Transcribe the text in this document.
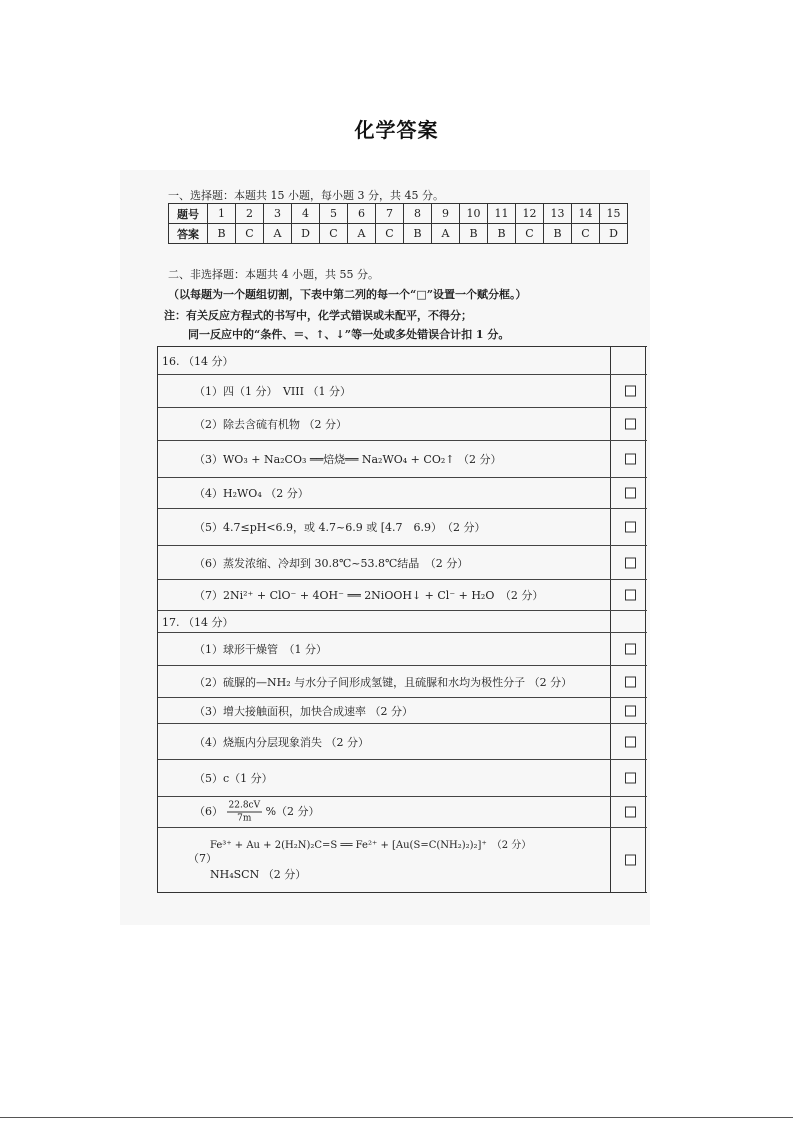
化学答案
一、选择题：本题共 15 小题，每小题 3 分，共 45 分。
题号	1	2	3	4	5	6	7	8	9	10	11	12	13	14	15
答案	B	C	A	D	C	A	C	B	A	B	B	C	B	C	D
二、非选择题：本题共 4 小题，共 55 分。
（以每题为一个题组切割，下表中第二列的每一个“□”设置一个赋分框。）
注：有关反应方程式的书写中，化学式错误或未配平，不得分；
同一反应中的“条件、＝、↑、↓”等一处或多处错误合计扣 1 分。
16. （14 分）
（1）四（1 分）　VIII （1 分）
（2）除去含硫有机物 （2 分）
（3）WO₃ + Na₂CO₃ ══焙烧══ Na₂WO₄ + CO₂↑ （2 分）
（4）H₂WO₄ （2 分）
（5）4.7≤pH<6.9，或 4.7~6.9 或 [4.7　6.9）　（2 分）
（6）蒸发浓缩、冷却到 30.8℃~53.8℃结晶　（2 分）
（7）2Ni²⁺ + ClO⁻ + 4OH⁻ ══ 2NiOOH↓ + Cl⁻ + H₂O　（2 分）
17. （14 分）
（1）球形干燥管　（1 分）
（2）硫脲的—NH₂ 与水分子间形成氢键，且硫脲和水均为极性分子 （2 分）
（3）增大接触面积，加快合成速率 （2 分）
（4）烧瓶内分层现象消失 （2 分）
（5）c（1 分）
$(6) \frac{22.8cV}{7m} \%(2$ 分）
（7）
Fe³⁺ + Au + 2(H₂N)₂C=S ══ Fe²⁺ + [Au(S=C(NH₂)₂)₂]⁺　（2 分）
NH₄SCN （2 分）
